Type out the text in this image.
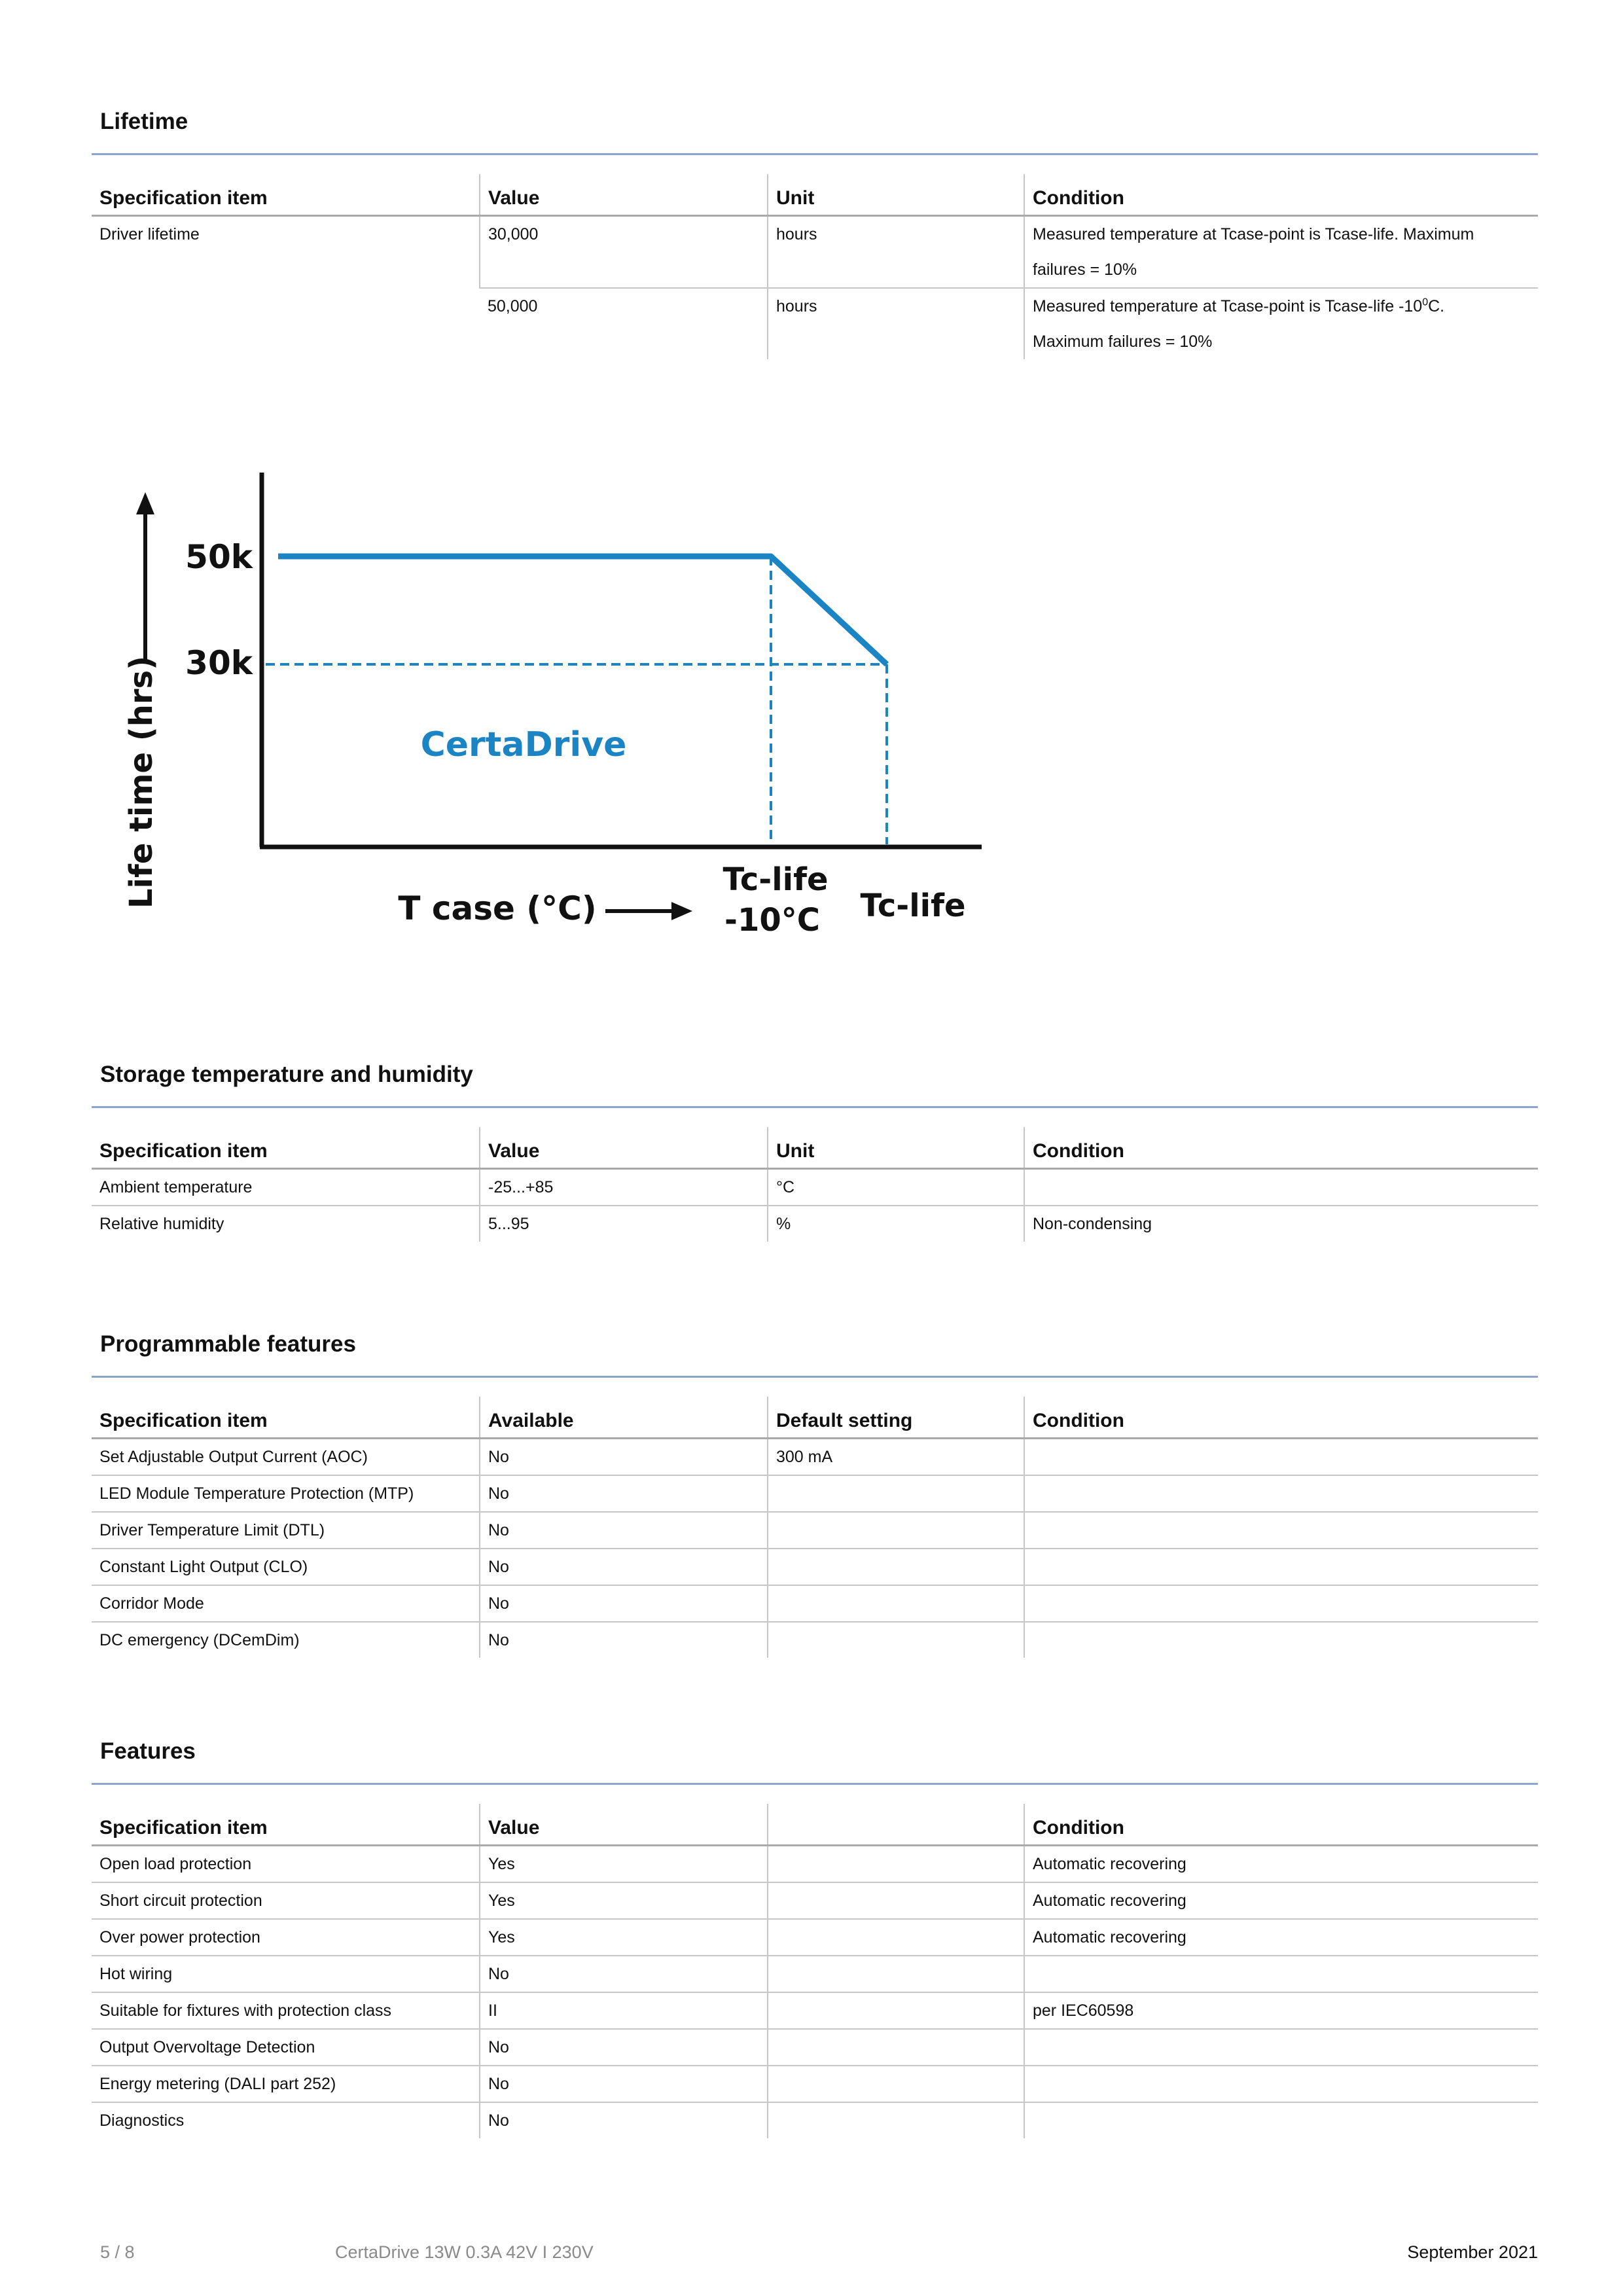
Lifetime
Specification item	Value	Unit	Condition
Driver lifetime	30,000	hours	Measured temperature at Tcase-point is Tcase-life. Maximum
failures = 10%

	50,000	hours	Measured temperature at Tcase-point is Tcase-life $-10^0C$.
Maximum failures = 10%
Life time (hrs)
50k
30k
CertaDrive
T case (°C)
Tc-life
-10°C Tc-life
Storage temperature and humidity
Specification item	Value	Unit	Condition
Ambient temperature	-25...+85	°C	
Relative humidity	5...95	%	Non-condensing
Programmable features
Specification item	Available	Default setting	Condition
Set Adjustable Output Current (AOC)	No	300 mA	
LED Module Temperature Protection (MTP)	No		
Driver Temperature Limit (DTL)	No		
Constant Light Output (CLO)	No		
Corridor Mode	No		
DC emergency (DCemDim)	No		
Features
Specification item	Value		Condition
Open load protection	Yes		Automatic recovering
Short circuit protection	Yes		Automatic recovering
Over power protection	Yes		Automatic recovering
Hot wiring	No		
Suitable for fixtures with protection class	II		per IEC60598
Output Overvoltage Detection	No		
Energy metering (DALI part 252)	No		
Diagnostics	No		
5 / 8	CertaDrive 13W 0.3A 42V I 230V	September 2021
